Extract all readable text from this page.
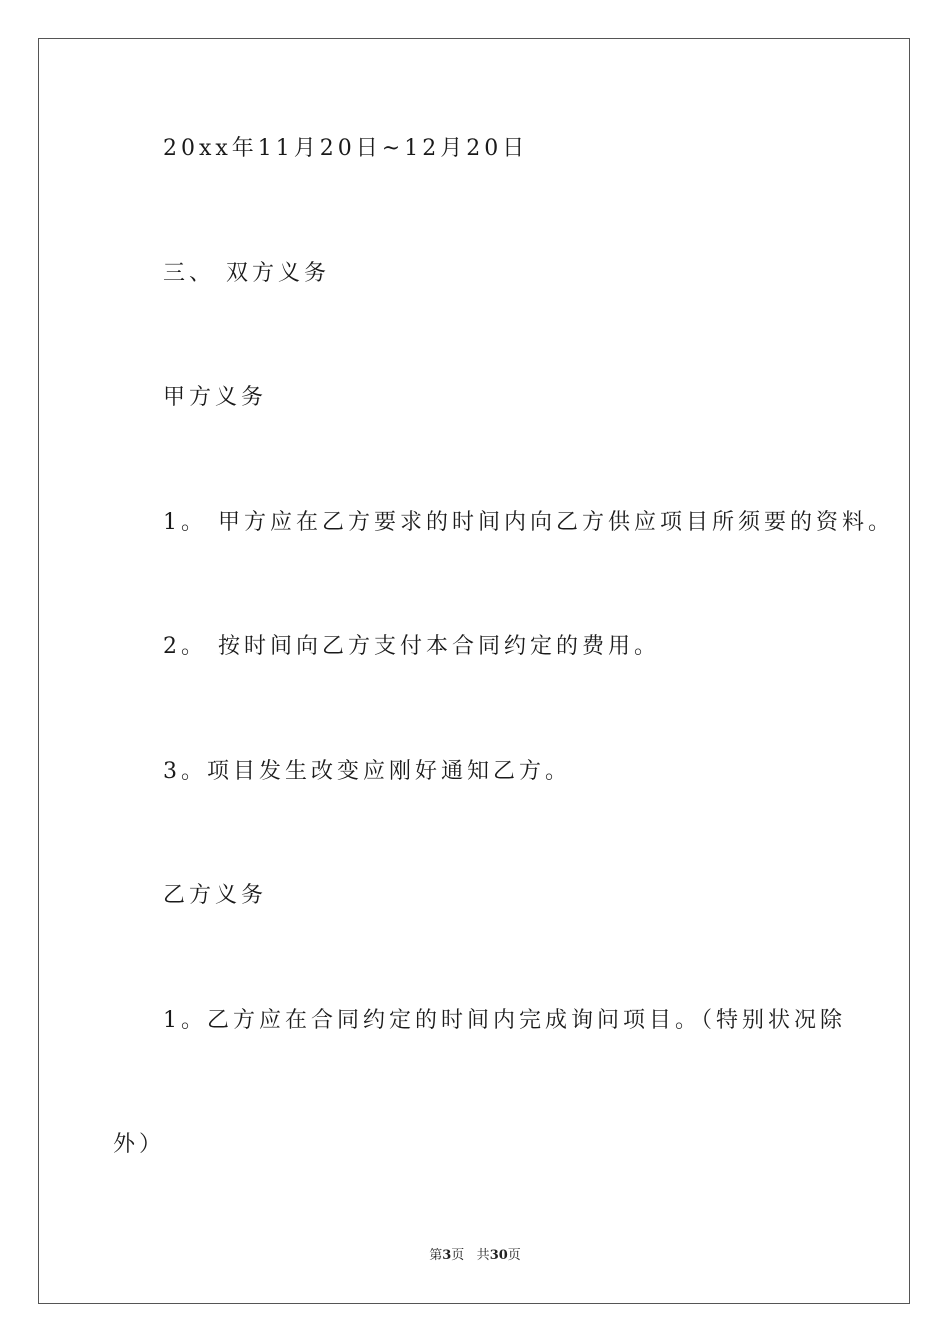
20xx年11月20日~12月20日
三、 双方义务
甲方义务
1。 甲方应在乙方要求的时间内向乙方供应项目所须要的资料。
2。 按时间向乙方支付本合同约定的费用。
3。项目发生改变应刚好通知乙方。
乙方义务
1。乙方应在合同约定的时间内完成询问项目。（特别状况除
外）
第3页 共30页
